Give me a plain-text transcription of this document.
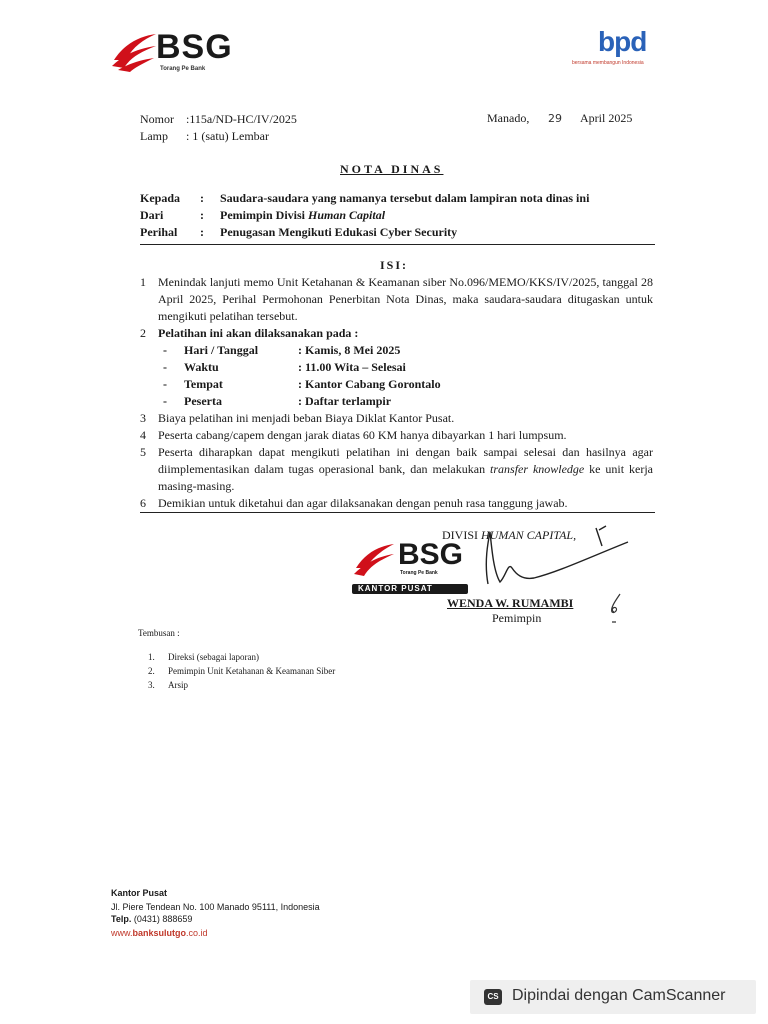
BSG
Torang Pe Bank
bpd
bersama membangun Indonesia
Nomor :115a/ND-HC/IV/2025
Lamp : 1 (satu) Lembar
Manado, 29 April 2025
NOTA DINAS
Kepada : Saudara-saudara yang namanya tersebut dalam lampiran nota dinas ini
Dari	: Pemimpin Divisi Human Capital
Perihal : Penugasan Mengikuti Edukasi Cyber Security
ISI:
1 Menindak lanjuti memo Unit Ketahanan & Keamanan siber No.096/MEMO/KKS/IV/2025, tanggal 28 April 2025, Perihal Permohonan Penerbitan Nota Dinas, maka saudara-saudara ditugaskan untuk mengikuti pelatihan tersebut.
2 Pelatihan ini akan dilaksanakan pada :
- Hari / Tanggal	: Kamis, 8 Mei 2025
- Waktu	: 11.00 Wita – Selesai
- Tempat	: Kantor Cabang Gorontalo
- Peserta	: Daftar terlampir
3 Biaya pelatihan ini menjadi beban Biaya Diklat Kantor Pusat.
4 Peserta cabang/capem dengan jarak diatas 60 KM hanya dibayarkan 1 hari lumpsum.
5 Peserta diharapkan dapat mengikuti pelatihan ini dengan baik sampai selesai dan hasilnya agar diimplementasikan dalam tugas operasional bank, dan melakukan transfer knowledge ke unit kerja masing-masing.
6 Demikian untuk diketahui dan agar dilaksanakan dengan penuh rasa tanggung jawab.
DIVISI HUMAN CAPITAL,
BSG
Torang Pe Bank
KANTOR PUSAT
WENDA W. RUMAMBI
Pemimpin
Tembusan :
1. Direksi (sebagai laporan)
2. Pemimpin Unit Ketahanan & Keamanan Siber
3. Arsip
Kantor Pusat
Jl. Piere Tendean No. 100 Manado 95111, Indonesia
Telp. (0431) 888659
www.banksulutgo.co.id
CS Dipindai dengan CamScanner
